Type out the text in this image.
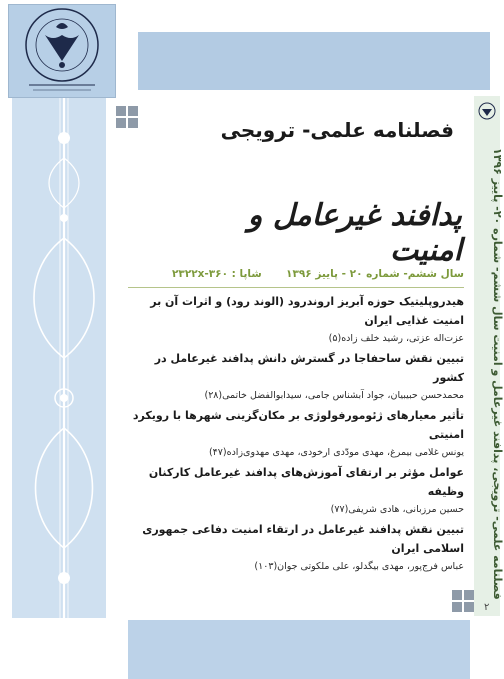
فصلنامه علمی- ترویجی، پدافند غیرعامل و امنیت سال ششم- شماره ۲۰- پاییز ۱۳۹۶
۲
فصلنامه علمی- ترویجی
پدافند غیرعامل و امنیت
سال ششم- شماره ۲۰ - پاییز ۱۳۹۶
شاپا : ۲۳۲۲x-۳۶۰
هیدروپلیتیک حوزه آبریز اروندرود (الوند رود) و اثرات آن بر امنیت غذایی ایران
عزت‌اله عزتی، رشید خلف زاده(۵)
تبیین نقش ساحفاجا در گسترش دانش پدافند غیرعامل در کشور
محمدحسن حبیبیان، جواد آبشناس جامی، سیدابوالفضل خاتمی(۲۸)
تأثیر معیارهای ژئومورفولوژی بر مکان‌گزینی شهرها با رویکرد امنیتی
یونس غلامی بیمرغ، مهدی مودّدی ارخودی، مهدی مهدوی‌زاده(۴۷)
عوامل مؤثر بر ارتقای آموزش‌های پدافند غیرعامل کارکنان وظیفه
حسین مرزبانی، هادی شریفی(۷۷)
تبیین نقش پدافند غیرعامل در ارتقاء امنیت دفاعی جمهوری اسلامی ایران
عباس فرج‌پور، مهدی بیگدلو، علی ملکوتی جوان(۱۰۳)
